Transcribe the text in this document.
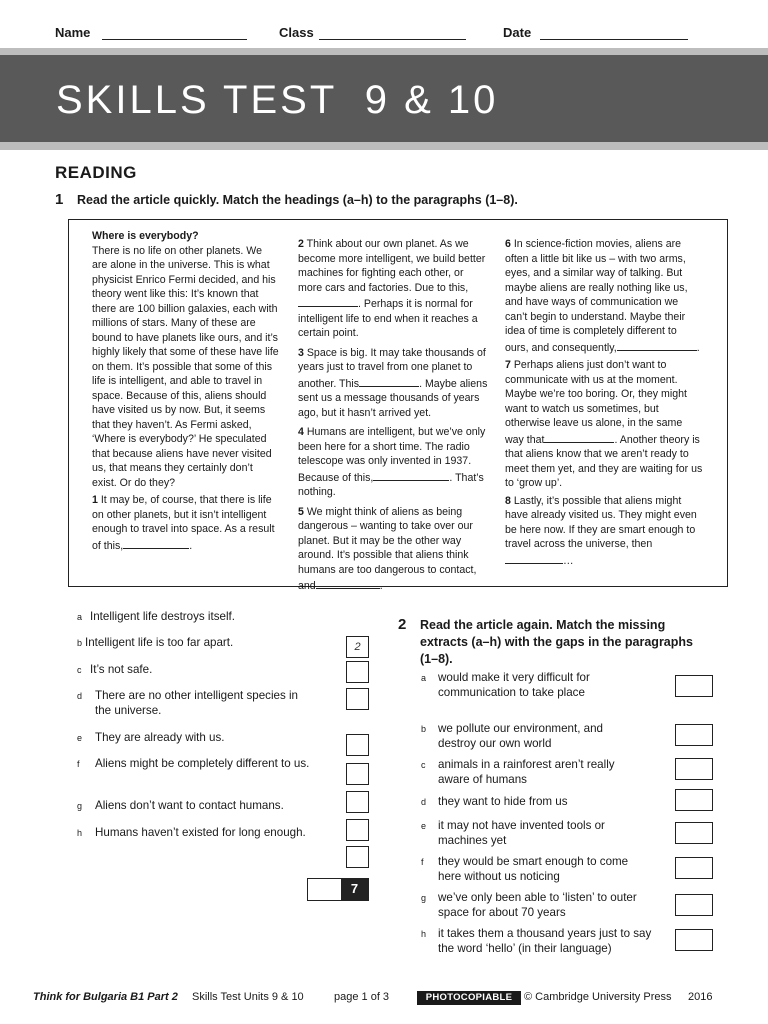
Name	Class	Date
SKILLS TEST  9 & 10
READING
1 Read the article quickly. Match the headings (a–h) to the paragraphs (1–8).

Where is everybody?

There is no life on other planets. We are alone in the universe. This is what physicist Enrico Fermi decided, and his theory went like this: It’s known that there are 100 billion galaxies, each with millions of stars. Many of these are bound to have planets like ours, and it’s highly likely that some of these have life on them. It’s possible that some of this life is intelligent, and able to travel in space. Because of this, aliens should have visited us by now. But, it seems that they haven’t. As Fermi asked, ‘Where is everybody?’ He speculated that because aliens have never visited us, that means they certainly don’t exist. Or do they?

1 It may be, of course, that there is life on other planets, but it isn’t intelligent enough to travel into space. As a result of this,	.

2 Think about our own planet. As we become more intelligent, we build better machines for fighting each other, or more cars and factories. Due to this,. Perhaps it is normal for intelligent life to end when it reaches a certain point.

3 Space is big. It may take thousands of years just to travel from one planet to another. This	. Maybe aliens sent us a message thousands of years ago, but it hasn’t arrived yet.

4 Humans are intelligent, but we’ve only been here for a short time. The radio telescope was only invented in 1937. Because of this,	. That’s nothing.

5 We might think of aliens as being dangerous – wanting to take over our planet. But it may be the other way around. It’s possible that aliens think humans are too dangerous to contact, and	.

6 In science-fiction movies, aliens are often a little bit like us – with two arms, eyes, and a similar way of talking. But maybe aliens are really nothing like us, and have ways of communication we can’t begin to understand. Maybe their idea of time is completely different to ours, and consequently,	.

7 Perhaps aliens just don’t want to communicate with us at the moment. Maybe we’re too boring. Or, they might want to watch us sometimes, but otherwise leave us alone, in the same way that	. Another theory is that aliens know that we aren’t ready to meet them yet, and they are waiting for us to ‘grow up’.

8 Lastly, it’s possible that aliens might have already visited us. They might even be here now. If they are smart enough to travel across the universe, then…

a Intelligent life destroys itself.
b Intelligent life is too far apart.
c It’s not safe.
d There are no other intelligent species in the universe.
e They are already with us.
f Aliens might be completely different to us.
g Aliens don’t want to contact humans.
h Humans haven’t existed for long enough.
2
7
2 Read the article again. Match the missing extracts (a–h) with the gaps in the paragraphs (1–8).
a would make it very difficult for communication to take place
b we pollute our environment, and destroy our own world
c animals in a rainforest aren’t really aware of humans
d they want to hide from us
e it may not have invented tools or machines yet
f they would be smart enough to come here without us noticing
g we’ve only been able to ‘listen’ to outer space for about 70 years
h it takes them a thousand years just to say the word ‘hello’ (in their language)
Think for Bulgaria B1 Part 2 Skills Test Units 9 & 10	page 1 of 3	PHOTOCOPIABLE	© Cambridge University Press 2016
